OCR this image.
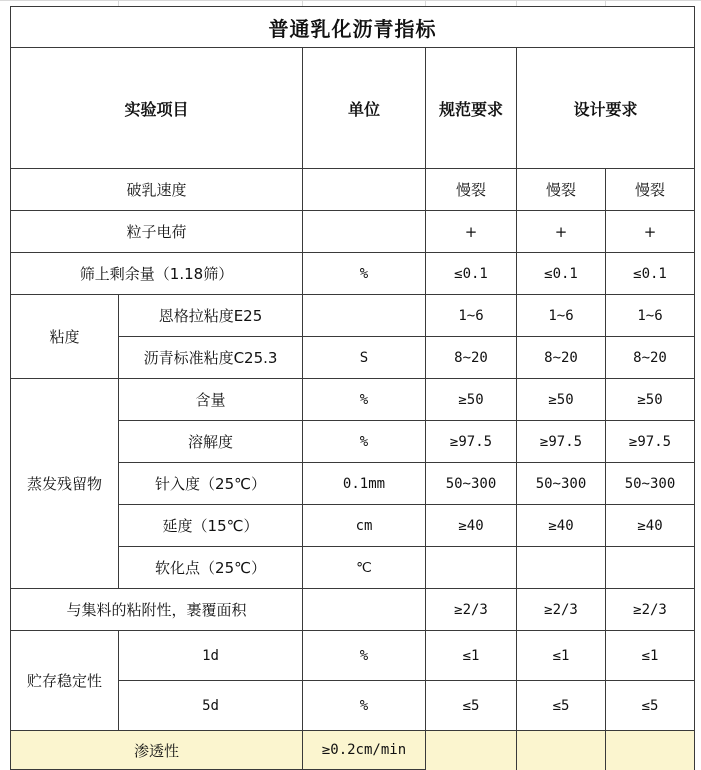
普通乳化沥青指标					
实验项目		单位	规范要求	设计要求	
破乳速度			慢裂	慢裂	慢裂
粒子电荷			+	+	+
筛上剩余量（1.18筛）		%	≤0.1	≤0.1	≤0.1
粘度	恩格拉粘度E25		1~6	1~6	1~6
	沥青标准粘度C25.3	S	8~20	8~20	8~20
蒸发残留物	含量	%	≥50	≥50	≥50
	溶解度	%	≥97.5	≥97.5	≥97.5
	针入度（25℃）	0.1mm	50~300	50~300	50~300
	延度（15℃）	cm	≥40	≥40	≥40
	软化点（25℃）	℃			
与集料的粘附性，裹覆面积			≥2/3	≥2/3	≥2/3
贮存稳定性	1d	%	≤1	≤1	≤1
	5d	%	≤5	≤5	≤5
渗透性		≥0.2cm/min			
